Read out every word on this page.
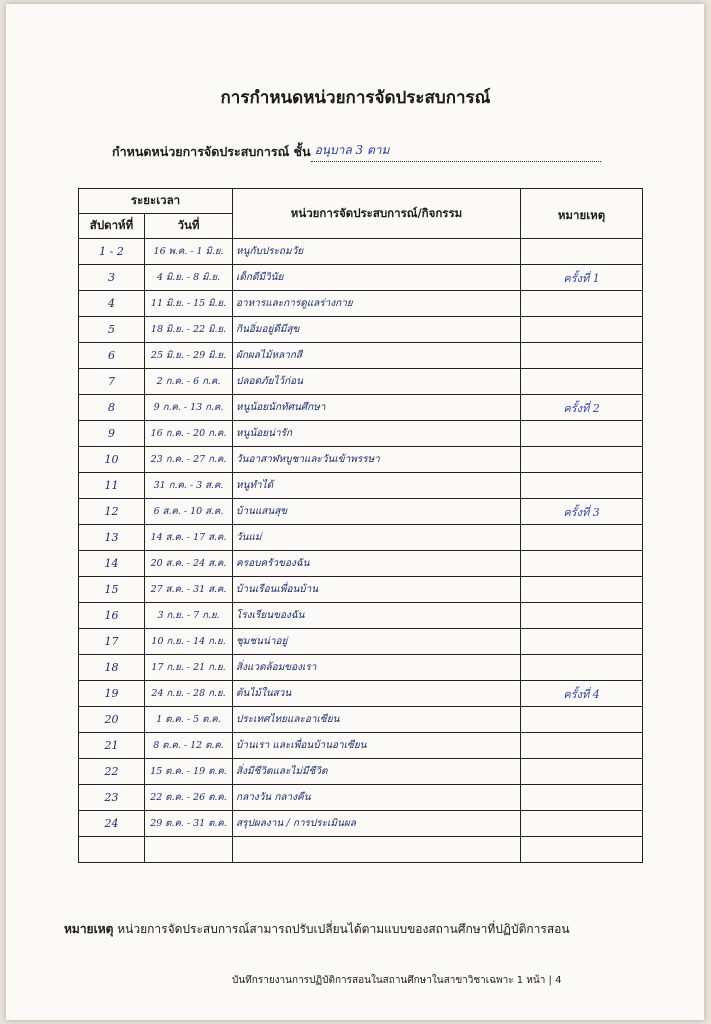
การกำหนดหน่วยการจัดประสบการณ์
กำหนดหน่วยการจัดประสบการณ์ ชั้น อนุบาล 3 ตาม
ระยะเวลา		หน่วยการจัดประสบการณ์/กิจกรรม	หมายเหตุ
สัปดาห์ที่	วันที่		
1 - 2	16 พ.ค. - 1 มิ.ย.	หนูกับประถมวัย	
3	4 มิ.ย. - 8 มิ.ย.	เด็กดีมีวินัย	ครั้งที่ 1
4	11 มิ.ย. - 15 มิ.ย.	อาหารและการดูแลร่างกาย	
5	18 มิ.ย. - 22 มิ.ย.	กินอิ่มอยู่ดีมีสุข	
6	25 มิ.ย. - 29 มิ.ย.	ผักผลไม้หลากสี	
7	2 ก.ค. - 6 ก.ค.	ปลอดภัยไว้ก่อน	
8	9 ก.ค. - 13 ก.ค.	หนูน้อยนักทัศนศึกษา	ครั้งที่ 2
9	16 ก.ค. - 20 ก.ค.	หนูน้อยน่ารัก	
10	23 ก.ค. - 27 ก.ค.	วันอาสาฬหบูชาและวันเข้าพรรษา	
11	31 ก.ค. - 3 ส.ค.	หนูทำได้	
12	6 ส.ค. - 10 ส.ค.	บ้านแสนสุข	ครั้งที่ 3
13	14 ส.ค. - 17 ส.ค.	วันแม่	
14	20 ส.ค. - 24 ส.ค.	ครอบครัวของฉัน	
15	27 ส.ค. - 31 ส.ค.	บ้านเรือนเพื่อนบ้าน	
16	3 ก.ย. - 7 ก.ย.	โรงเรียนของฉัน	
17	10 ก.ย. - 14 ก.ย.	ชุมชนน่าอยู่	
18	17 ก.ย. - 21 ก.ย.	สิ่งแวดล้อมของเรา	
19	24 ก.ย. - 28 ก.ย.	ต้นไม้ในสวน	ครั้งที่ 4
20	1 ต.ค. - 5 ต.ค.	ประเทศไทยและอาเซียน	
21	8 ต.ค. - 12 ต.ค.	บ้านเรา และเพื่อนบ้านอาเซียน	
22	15 ต.ค. - 19 ต.ค.	สิ่งมีชีวิตและไม่มีชีวิต	
23	22 ต.ค. - 26 ต.ค.	กลางวัน กลางคืน	
24	29 ต.ค. - 31 ต.ค.	สรุปผลงาน / การประเมินผล	

หมายเหตุ หน่วยการจัดประสบการณ์สามารถปรับเปลี่ยนได้ตามแบบของสถานศึกษาที่ปฏิบัติการสอน
บันทึกรายงานการปฏิบัติการสอนในสถานศึกษาในสาขาวิชาเฉพาะ 1 หน้า | 4
